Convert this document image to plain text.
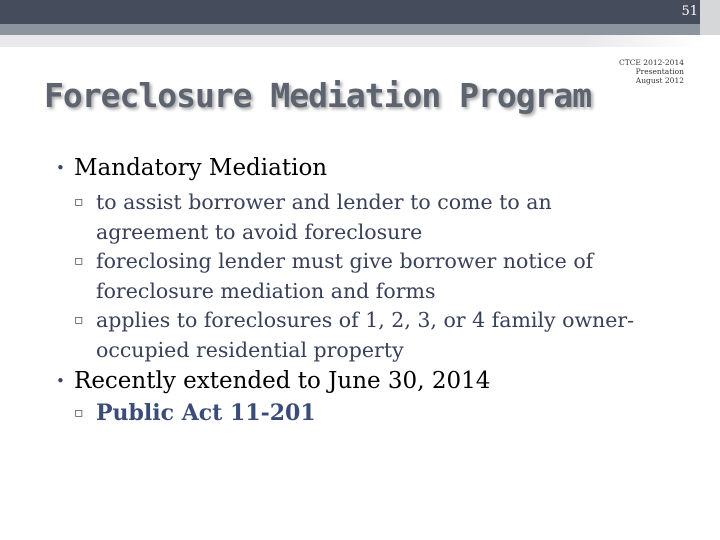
51
Foreclosure Mediation Program
CTCE 2012-2014
Presentation
August 2012
• Mandatory Mediation
▫ to assist borrower and lender to come to an
agreement to avoid foreclosure
▫ foreclosing lender must give borrower notice of
foreclosure mediation and forms
▫ applies to foreclosures of 1, 2, 3, or 4 family owner-
occupied residential property
• Recently extended to June 30, 2014
▫ Public Act 11-201
